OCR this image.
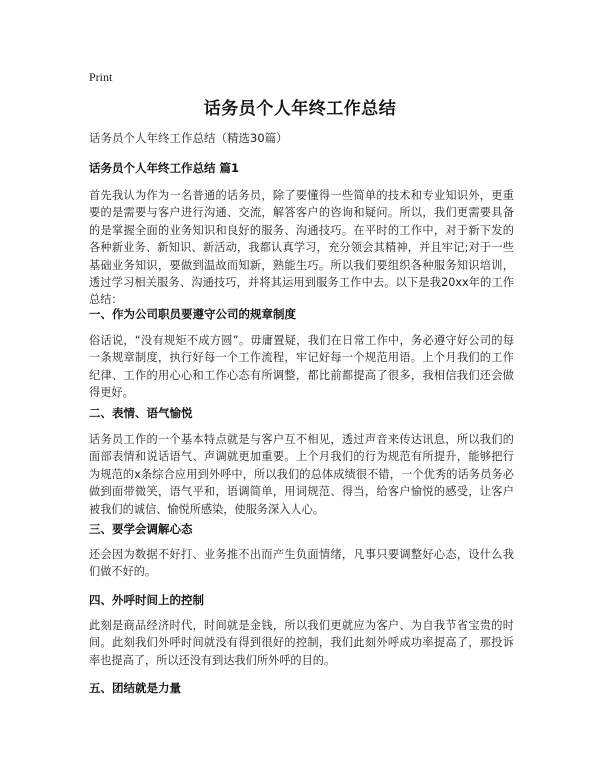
Print
话务员个人年终工作总结
话务员个人年终工作总结（精选30篇）
话务员个人年终工作总结 篇1
首先我认为作为一名普通的话务员，除了要懂得一些简单的技术和专业知识外，更重要的是需要与客户进行沟通、交流，解答客户的咨询和疑问。所以，我们更需要具备的是掌握全面的业务知识和良好的服务、沟通技巧。在平时的工作中，对于新下发的各种新业务、新知识、新活动，我都认真学习，充分领会其精神，并且牢记;对于一些基础业务知识，要做到温故而知新，熟能生巧。所以我们要组织各种服务知识培训，透过学习相关服务、沟通技巧，并将其运用到服务工作中去。以下是我20xx年的工作总结：
一、作为公司职员要遵守公司的规章制度
俗话说，“没有规矩不成方圆”。毋庸置疑，我们在日常工作中，务必遵守好公司的每一条规章制度，执行好每一个工作流程，牢记好每一个规范用语。上个月我们的工作纪律、工作的用心心和工作心态有所调整，都比前都提高了很多，我相信我们还会做得更好。
二、表情、语气愉悦
话务员工作的一个基本特点就是与客户互不相见，透过声音来传达讯息，所以我们的面部表情和说话语气、声调就更加重要。上个月我们的行为规范有所提升，能够把行为规范的x条综合应用到外呼中，所以我们的总体成绩很不错，一个优秀的话务员务必做到面带微笑，语气平和，语调简单，用词规范、得当，给客户愉悦的感受，让客户被我们的诚信、愉悦所感染，使服务深入人心。
三、要学会调解心态
还会因为数据不好打、业务推不出而产生负面情绪，凡事只要调整好心态，设什么我们做不好的。
四、外呼时间上的控制
此刻是商品经济时代，时间就是金钱，所以我们更就应为客户、为自我节省宝贵的时间。此刻我们外呼时间就没有得到很好的控制，我们此刻外呼成功率提高了，那投诉率也提高了，所以还没有到达我们所外呼的目的。
五、团结就是力量
